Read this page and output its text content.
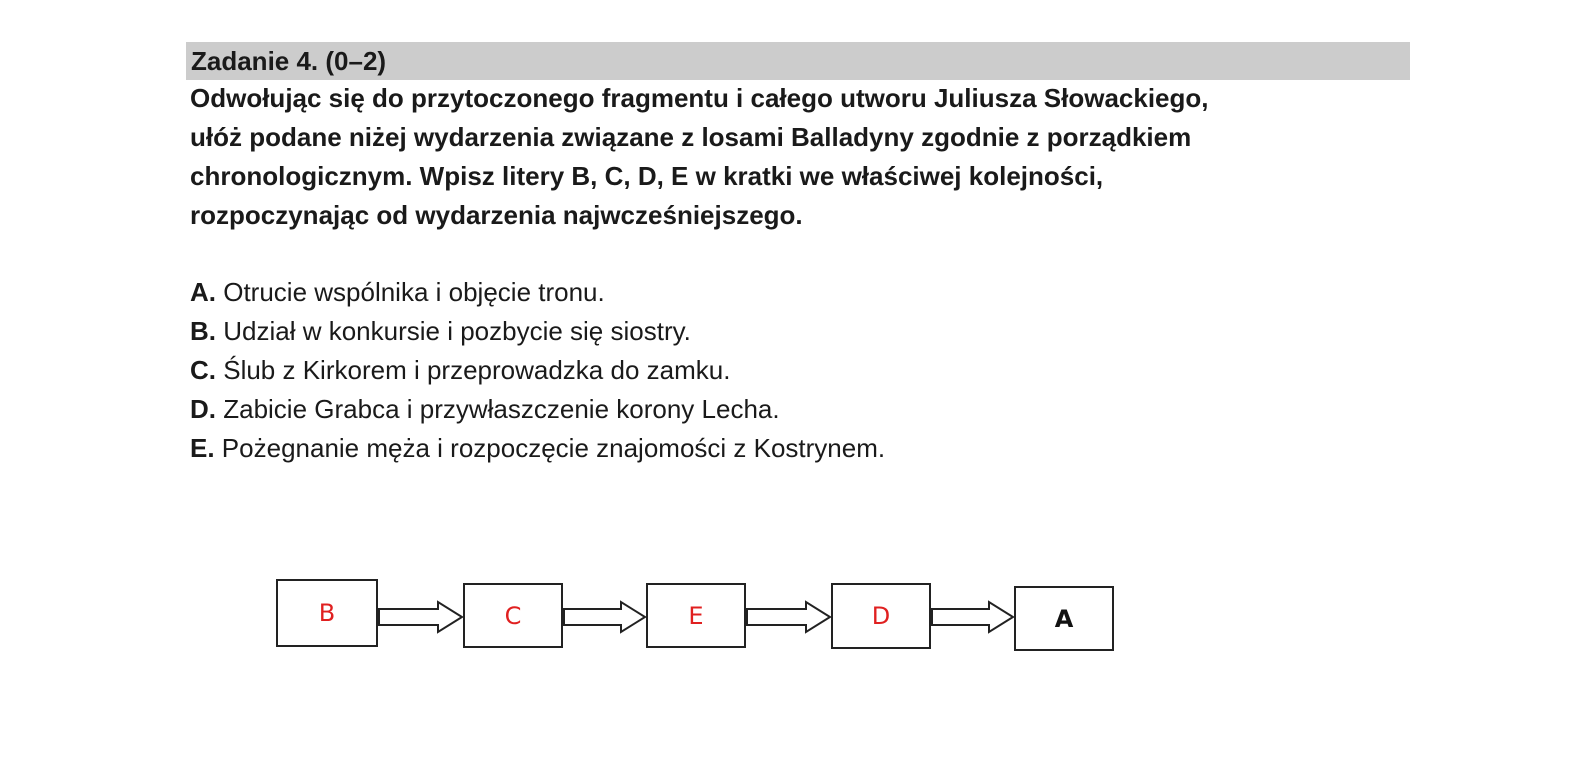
Zadanie 4. (0–2)
Odwołując się do przytoczonego fragmentu i całego utworu Juliusza Słowackiego,
ułóż podane niżej wydarzenia związane z losami Balladyny zgodnie z porządkiem
chronologicznym. Wpisz litery B, C, D, E w kratki we właściwej kolejności,
rozpoczynając od wydarzenia najwcześniejszego.
A. Otrucie wspólnika i objęcie tronu.
B. Udział w konkursie i pozbycie się siostry.
C. Ślub z Kirkorem i przeprowadzka do zamku.
D. Zabicie Grabca i przywłaszczenie korony Lecha.
E. Pożegnanie męża i rozpoczęcie znajomości z Kostrynem.
B	C	E	D	A
